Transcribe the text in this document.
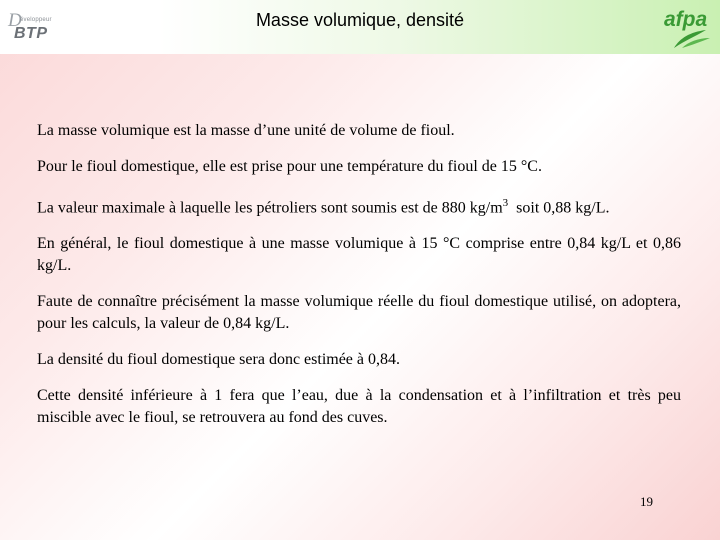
D
éveloppeur
BTP
Masse volumique, densité	afpa

La masse volumique est la masse d’une unité de volume de fioul.

Pour le fioul domestique, elle est prise pour une température du fioul de 15 °C.

La valeur maximale à laquelle les pétroliers sont soumis est de 880 $kg/m^3$  soit 0,88 kg/L.

En général, le fioul domestique à une masse volumique à 15 °C comprise entre 0,84 kg/L et 0,86 kg/L.

Faute de connaître précisément la masse volumique réelle du fioul domestique utilisé, on adoptera, pour les calculs, la valeur de 0,84 kg/L.

La densité du fioul domestique sera donc estimée à 0,84.

Cette densité inférieure à 1 fera que l’eau, due à la condensation et à l’infiltration et très peu miscible avec le fioul, se retrouvera au fond des cuves.

19
